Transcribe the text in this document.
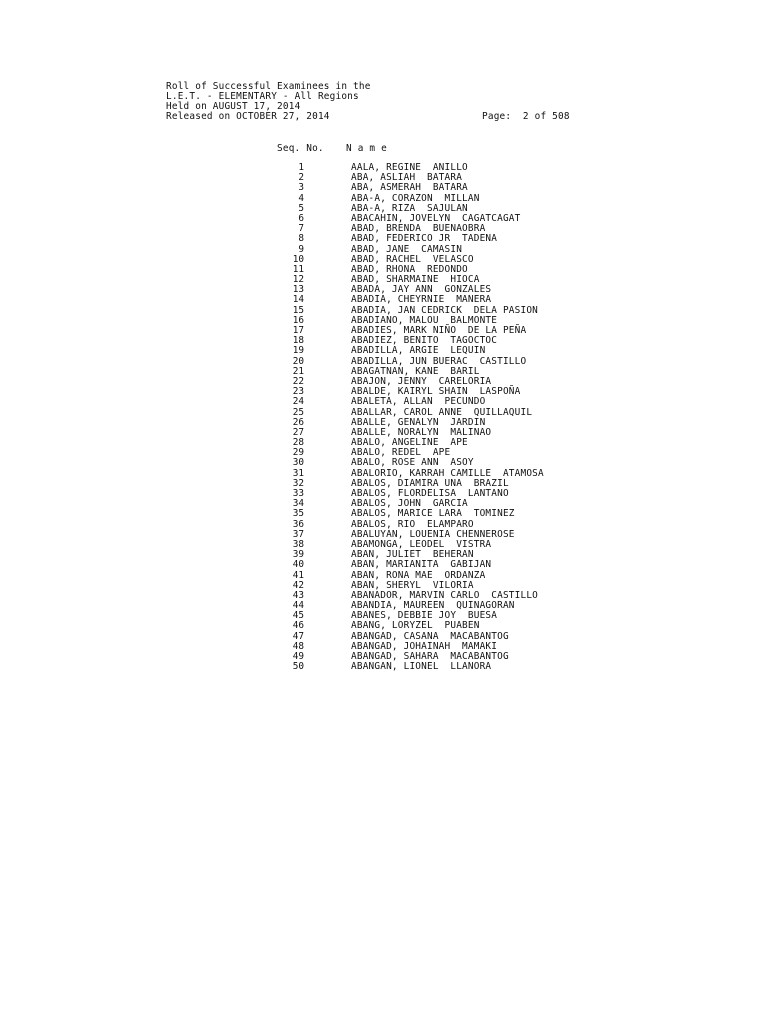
Roll of Successful Examinees in the
L.E.T. - ELEMENTARY - All Regions
Held on AUGUST 17, 2014
Released on OCTOBER 27, 2014	Page:  2 of 508
Seq. No. N a m e
1	AALA, REGINE  ANILLO
2	ABA, ASLIAH  BATARA
3	ABA, ASMERAH  BATARA
4	ABA-A, CORAZON  MILLAN
5	ABA-A, RIZA  SAJULAN
6	ABACAHIN, JOVELYN  CAGATCAGAT
7	ABAD, BRENDA  BUENAOBRA
8	ABAD, FEDERICO JR  TADENA
9	ABAD, JANE  CAMASIN
10	ABAD, RACHEL  VELASCO
11	ABAD, RHONA  REDONDO
12	ABAD, SHARMAINE  HIOCA
13	ABADA, JAY ANN  GONZALES
14	ABADIA, CHEYRNIE  MANERA
15	ABADIA, JAN CEDRICK  DELA PASION
16	ABADIANO, MALOU  BALMONTE
17	ABADIES, MARK NIÑO  DE LA PEÑA
18	ABADIEZ, BENITO  TAGOCTOC
19	ABADILLA, ARGIE  LEQUIN
20	ABADILLA, JUN BUERAC  CASTILLO
21	ABAGATNAN, KANE  BARIL
22	ABAJON, JENNY  CARELORIA
23	ABALDE, KAIRYL SHAIN  LASPOÑA
24	ABALETA, ALLAN  PECUNDO
25	ABALLAR, CAROL ANNE  QUILLAQUIL
26	ABALLE, GENALYN  JARDIN
27	ABALLE, NORALYN  MALINAO
28	ABALO, ANGELINE  APE
29	ABALO, REDEL  APE
30	ABALO, ROSE ANN  ASOY
31	ABALORIO, KARRAH CAMILLE  ATAMOSA
32	ABALOS, DIAMIRA UNA  BRAZIL
33	ABALOS, FLORDELISA  LANTANO
34	ABALOS, JOHN  GARCIA
35	ABALOS, MARICE LARA  TOMINEZ
36	ABALOS, RIO  ELAMPARO
37	ABALUYAN, LOUENIA CHENNEROSE
38	ABAMONGA, LEODEL  VISTRA
39	ABAN, JULIET  BEHERAN
40	ABAN, MARIANITA  GABIJAN
41	ABAN, RONA MAE  ORDANZA
42	ABAN, SHERYL  VILORIA
43	ABANADOR, MARVIN CARLO  CASTILLO
44	ABANDIA, MAUREEN  QUINAGORAN
45	ABANES, DEBBIE JOY  BUESA
46	ABANG, LORYZEL  PUABEN
47	ABANGAD, CASANA  MACABANTOG
48	ABANGAD, JOHAINAH  MAMAKI
49	ABANGAD, SAHARA  MACABANTOG
50	ABANGAN, LIONEL  LLANORA
